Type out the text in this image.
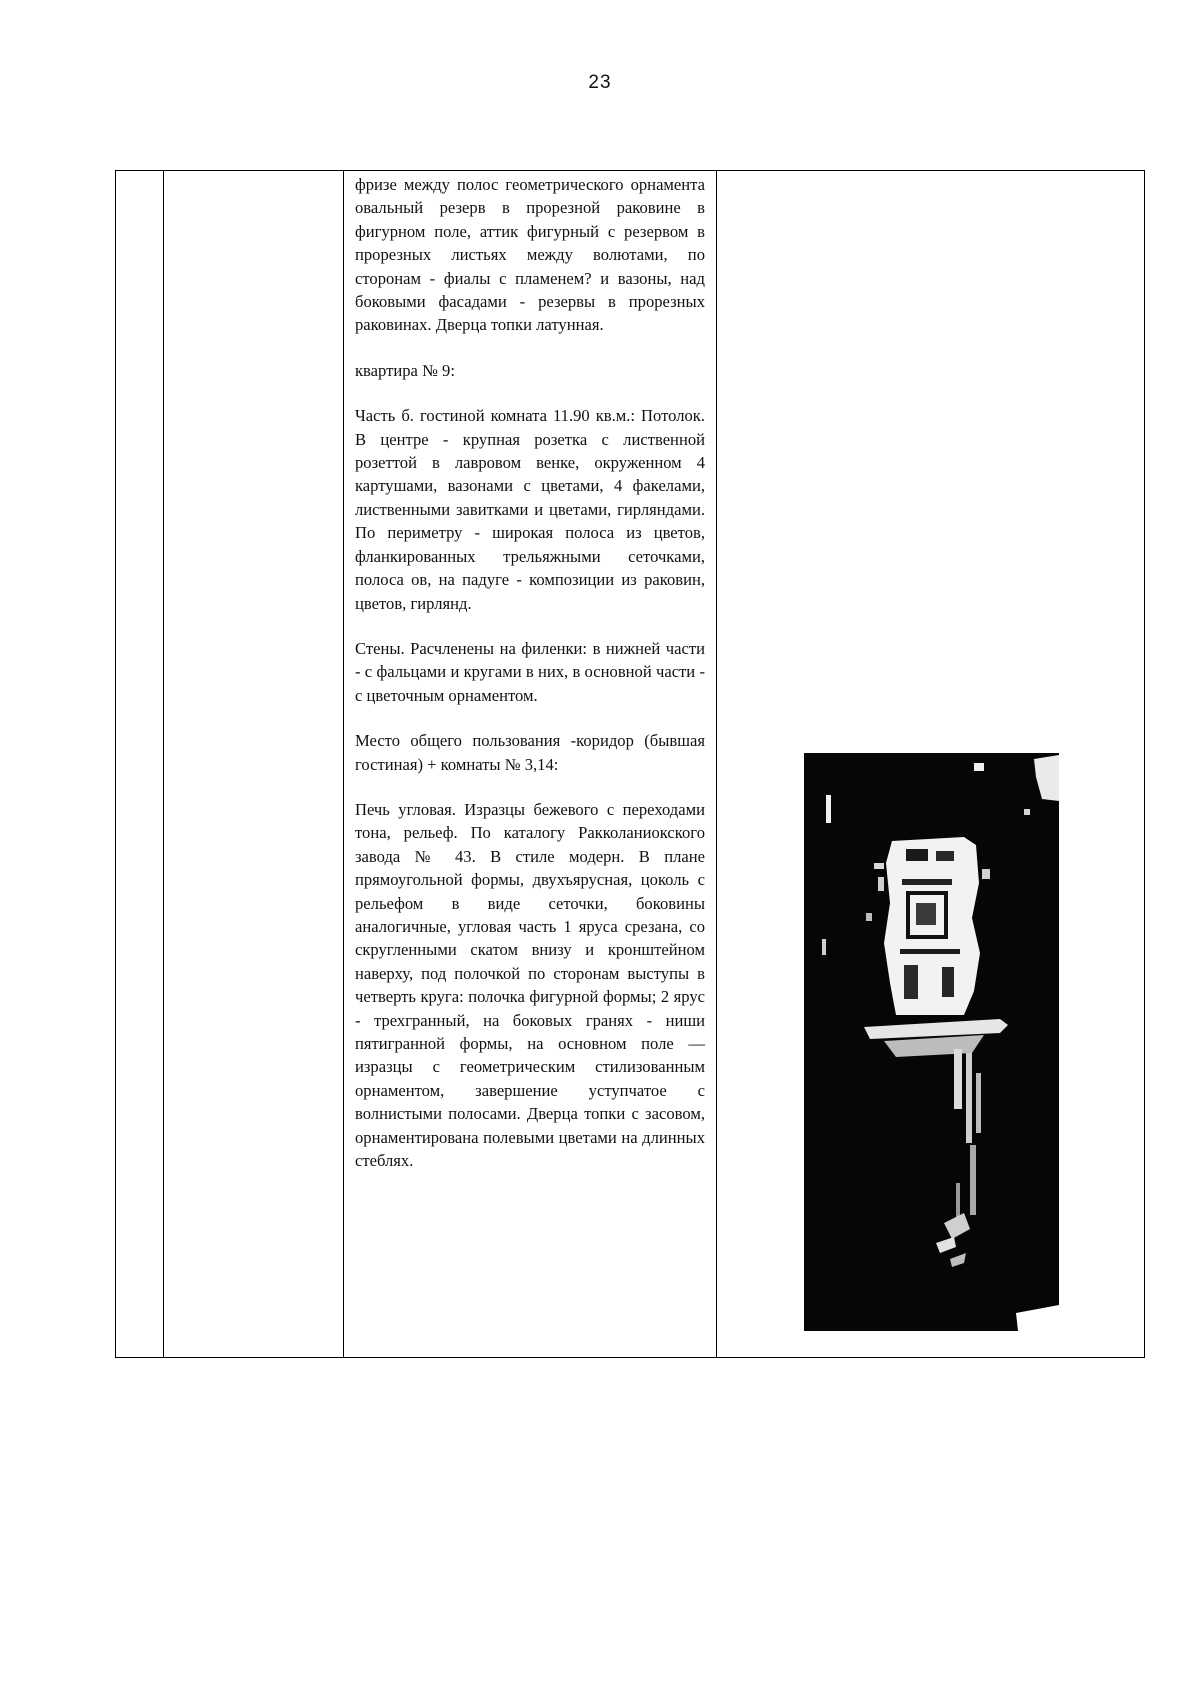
23

фризе между полос геометрического орнамента овальный резерв в прорезной раковине в фигурном поле, аттик фигурный с резервом в прорезных листьях между волютами, по сторонам - фиалы с пламенем? и вазоны, над боковыми фасадами - резервы в прорезных раковинах. Дверца топки латунная.

квартира № 9:

Часть б. гостиной комната 11.90 кв.м.: Потолок. В центре - крупная розетка с лиственной розеттой в лавровом венке, окруженном 4 картушами, вазонами с цветами, 4 факелами, лиственными завитками и цветами, гирляндами. По периметру - широкая полоса из цветов, фланкированных трельяжными сеточками, полоса ов, на падуге - композиции из раковин, цветов, гирлянд.

Стены. Расчленены на филенки: в нижней части - с фальцами и кругами в них, в основной части - с цветочным орнаментом.

Место общего пользования -коридор (бывшая гостиная) + комнаты № 3,14:

Печь угловая. Изразцы бежевого с переходами тона, рельеф. По каталогу Ракколаниокского завода № 43. В стиле модерн. В плане прямоугольной формы, двухъярусная, цоколь с рельефом в виде сеточки, боковины аналогичные, угловая часть 1 яруса срезана, со скругленными скатом внизу и кронштейном наверху, под полочкой по сторонам выступы в четверть круга: полочка фигурной формы; 2 ярус - трехгранный, на боковых гранях - ниши пятигранной формы, на основном поле — изразцы с геометрическим стилизованным орнаментом, завершение уступчатое с волнистыми полосами. Дверца топки с засовом, орнаментирована полевыми цветами на длинных стеблях.
